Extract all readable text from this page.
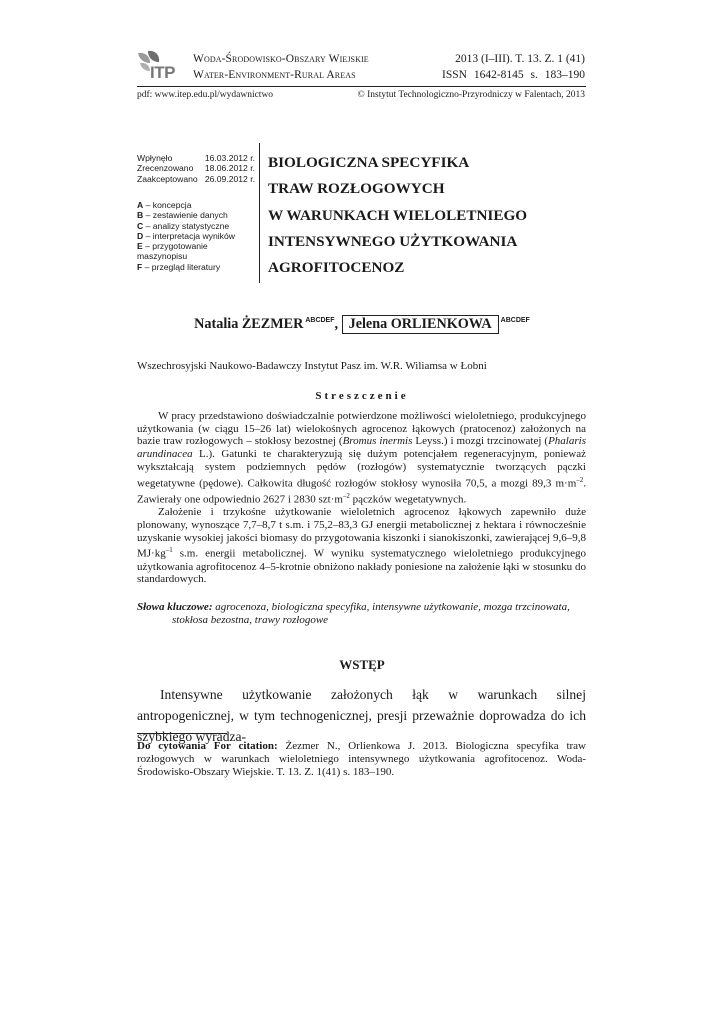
ITP
Woda-Środowisko-Obszary Wiejskie
Water-Environment-Rural Areas
2013 (I–III). T. 13. Z. 1 (41)
ISSN 1642-8145 s. 183–190
pdf: www.itep.edu.pl/wydawnictwo	© Instytut Technologiczno-Przyrodniczy w Falentach, 2013
Wpłynęło	16.03.2012 r.
Zrecenzowano 18.06.2012 r.
Zaakceptowano 26.09.2012 r.
A – koncepcja
B – zestawienie danych
C – analizy statystyczne
D – interpretacja wyników
E – przygotowanie maszynopisu
F – przegląd literatury
BIOLOGICZNA SPECYFIKA
TRAW ROZŁOGOWYCH
W WARUNKACH WIELOLETNIEGO
INTENSYWNEGO UŻYTKOWANIA
AGROFITOCENOZ
Natalia ŻEZMER $^{ABCDEF}$, Jelena ORLIENKOWA $^{ABCDEF}$
Wszechrosyjski Naukowo-Badawczy Instytut Pasz im. W.R. Wiliamsa w Łobni
Streszczenie

W pracy przedstawiono doświadczalnie potwierdzone możliwości wieloletniego, produkcyjnego użytkowania (w ciągu 15–26 lat) wielokośnych agrocenoz łąkowych (pratocenoz) założonych na bazie traw rozłogowych – stokłosy bezostnej (Bromus inermis Leyss.) i mozgi trzcinowatej (Phalaris arundinacea L.). Gatunki te charakteryzują się dużym potencjałem regeneracyjnym, ponieważ wykształcają system podziemnych pędów (rozłogów) systematycznie tworzących pączki wegetatywne (pędowe). Całkowita długość rozłogów stokłosy wynosiła 70,5, a mozgi 89,3 $m\cdot m^{-2}$. Zawierały one odpowiednio 2627 i 2830 $szt\cdot m^{-2}$ pączków wegetatywnych.

Założenie i trzykośne użytkowanie wieloletnich agrocenoz łąkowych zapewniło duże plonowany, wynoszące 7,7–8,7 t s.m. i 75,2–83,3 GJ energii metabolicznej z hektara i równocześnie uzyskanie wysokiej jakości biomasy do przygotowania kiszonki i sianokiszonki, zawierającej 9,6–9,8 $MJ\cdot kg^{-1}$ s.m. energii metabolicznej. W wyniku systematycznego wieloletniego produkcyjnego użytkowania agrofitocenoz 4–5-krotnie obniżono nakłady poniesione na założenie łąki w stosunku do standardowych.

Słowa kluczowe: agrocenoza, biologiczna specyfika, intensywne użytkowanie, mozga trzcinowata,
stokłosa bezostna, trawy rozłogowe
WSTĘP

Intensywne użytkowanie założonych łąk w warunkach silnej antropogenicznej, w tym technogenicznej, presji przeważnie doprowadza do ich szybkiego wyradza-

Do cytowania For citation: Żezmer N., Orlienkowa J. 2013. Biologiczna specyfika traw rozłogowych w warunkach wieloletniego intensywnego użytkowania agrofitocenoz. Woda-Środowisko-Obszary Wiejskie. T. 13. Z. 1(41) s. 183–190.
